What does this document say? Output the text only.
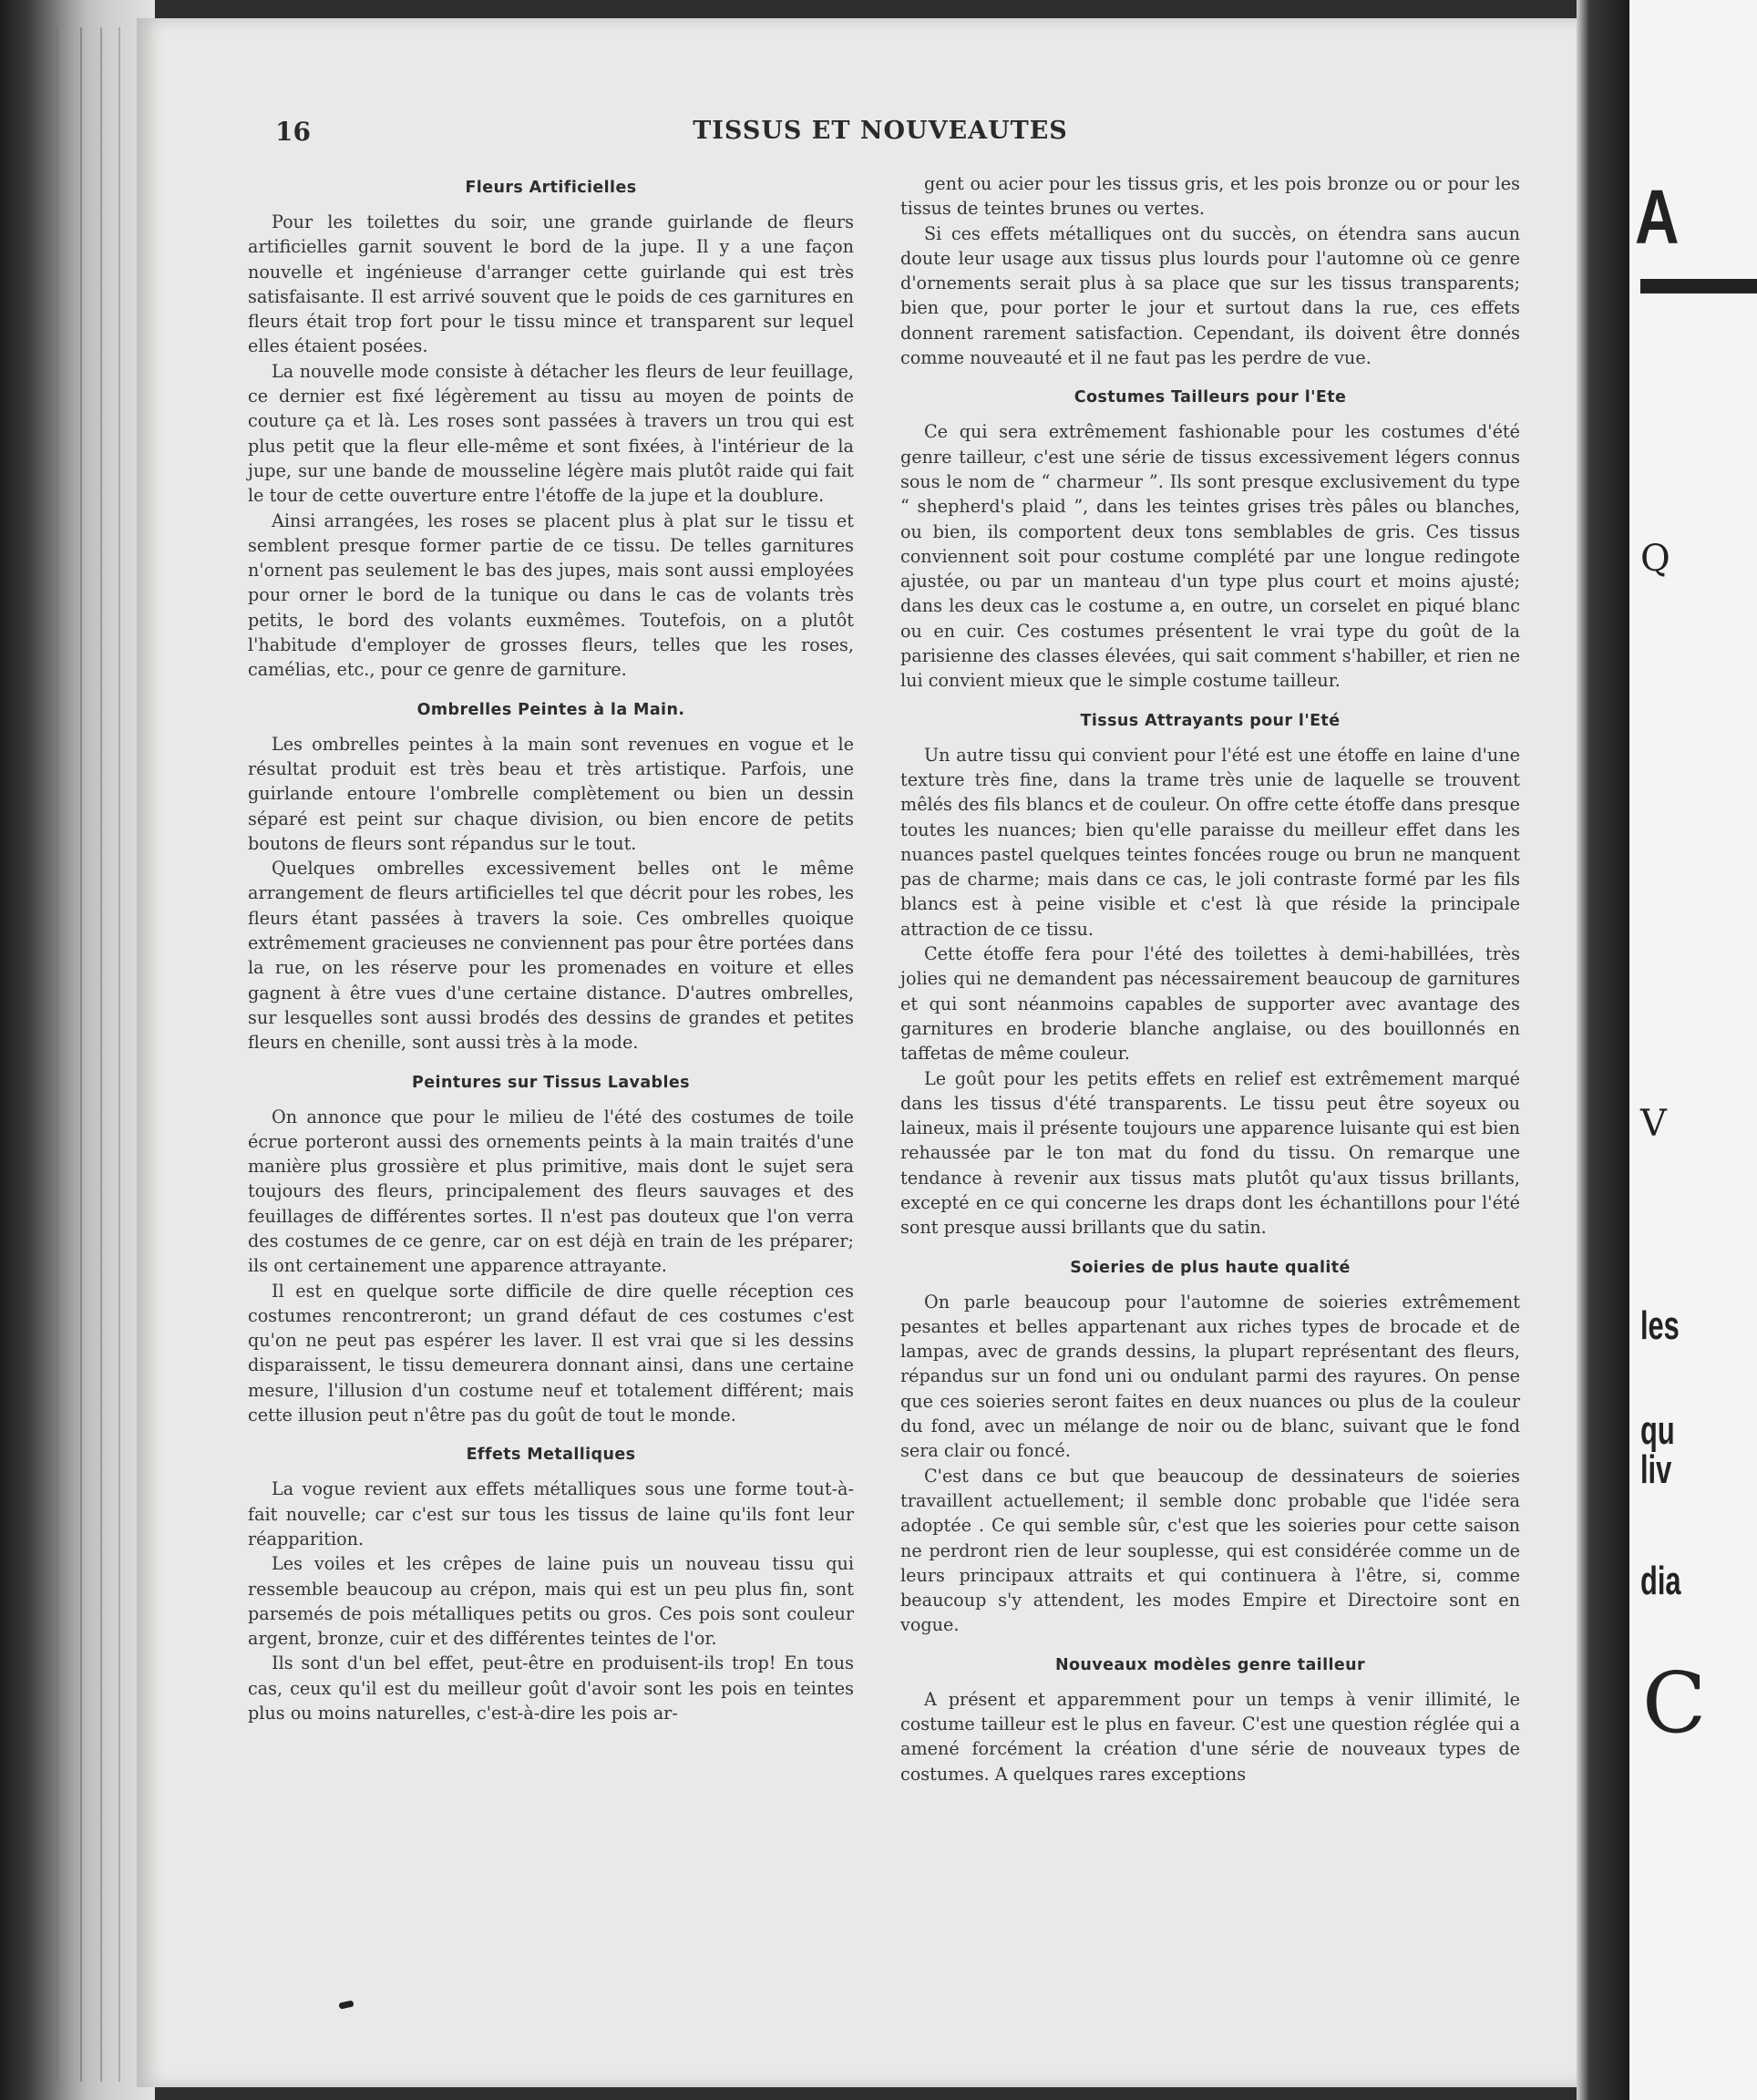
16	TISSUS ET NOUVEAUTES
Fleurs Artificielles

Pour les toilettes du soir, une grande guirlande de fleurs artificielles garnit souvent le bord de la jupe. Il y a une façon nouvelle et ingénieuse d'arranger cette guirlande qui est très satisfaisante. Il est arrivé souvent que le poids de ces garnitures en fleurs était trop fort pour le tissu mince et transparent sur lequel elles étaient posées.

La nouvelle mode consiste à détacher les fleurs de leur feuillage, ce dernier est fixé légèrement au tissu au moyen de points de couture ça et là. Les roses sont passées à travers un trou qui est plus petit que la fleur elle-même et sont fixées, à l'intérieur de la jupe, sur une bande de mousseline légère mais plutôt raide qui fait le tour de cette ouverture entre l'étoffe de la jupe et la doublure.

Ainsi arrangées, les roses se placent plus à plat sur le tissu et semblent presque former partie de ce tissu. De telles garnitures n'ornent pas seulement le bas des jupes, mais sont aussi employées pour orner le bord de la tunique ou dans le cas de volants très petits, le bord des volants euxmêmes. Toutefois, on a plutôt l'habitude d'employer de grosses fleurs, telles que les roses, camélias, etc., pour ce genre de garniture.

Ombrelles Peintes à la Main.

Les ombrelles peintes à la main sont revenues en vogue et le résultat produit est très beau et très artistique. Parfois, une guirlande entoure l'ombrelle complètement ou bien un dessin séparé est peint sur chaque division, ou bien encore de petits boutons de fleurs sont répandus sur le tout.

Quelques ombrelles excessivement belles ont le même arrangement de fleurs artificielles tel que décrit pour les robes, les fleurs étant passées à travers la soie. Ces ombrelles quoique extrêmement gracieuses ne conviennent pas pour être portées dans la rue, on les réserve pour les promenades en voiture et elles gagnent à être vues d'une certaine distance. D'autres ombrelles, sur lesquelles sont aussi brodés des dessins de grandes et petites fleurs en chenille, sont aussi très à la mode.

Peintures sur Tissus Lavables

On annonce que pour le milieu de l'été des costumes de toile écrue porteront aussi des ornements peints à la main traités d'une manière plus grossière et plus primitive, mais dont le sujet sera toujours des fleurs, principalement des fleurs sauvages et des feuillages de différentes sortes. Il n'est pas douteux que l'on verra des costumes de ce genre, car on est déjà en train de les préparer; ils ont certainement une apparence attrayante.

Il est en quelque sorte difficile de dire quelle réception ces costumes rencontreront; un grand défaut de ces costumes c'est qu'on ne peut pas espérer les laver. Il est vrai que si les dessins disparaissent, le tissu demeurera donnant ainsi, dans une certaine mesure, l'illusion d'un costume neuf et totalement différent; mais cette illusion peut n'être pas du goût de tout le monde.

Effets Metalliques

La vogue revient aux effets métalliques sous une forme tout-à-fait nouvelle; car c'est sur tous les tissus de laine qu'ils font leur réapparition.

Les voiles et les crêpes de laine puis un nouveau tissu qui ressemble beaucoup au crépon, mais qui est un peu plus fin, sont parsemés de pois métalliques petits ou gros. Ces pois sont couleur argent, bronze, cuir et des différentes teintes de l'or.

Ils sont d'un bel effet, peut-être en produisent-ils trop! En tous cas, ceux qu'il est du meilleur goût d'avoir sont les pois en teintes plus ou moins naturelles, c'est-à-dire les pois ar-

gent ou acier pour les tissus gris, et les pois bronze ou or pour les tissus de teintes brunes ou vertes.

Si ces effets métalliques ont du succès, on étendra sans aucun doute leur usage aux tissus plus lourds pour l'automne où ce genre d'ornements serait plus à sa place que sur les tissus transparents; bien que, pour porter le jour et surtout dans la rue, ces effets donnent rarement satisfaction. Cependant, ils doivent être donnés comme nouveauté et il ne faut pas les perdre de vue.

Costumes Tailleurs pour l'Ete

Ce qui sera extrêmement fashionable pour les costumes d'été genre tailleur, c'est une série de tissus excessivement légers connus sous le nom de “ charmeur ”. Ils sont presque exclusivement du type “ shepherd's plaid ”, dans les teintes grises très pâles ou blanches, ou bien, ils comportent deux tons semblables de gris. Ces tissus conviennent soit pour costume complété par une longue redingote ajustée, ou par un manteau d'un type plus court et moins ajusté; dans les deux cas le costume a, en outre, un corselet en piqué blanc ou en cuir. Ces costumes présentent le vrai type du goût de la parisienne des classes élevées, qui sait comment s'habiller, et rien ne lui convient mieux que le simple costume tailleur.

Tissus Attrayants pour l'Eté

Un autre tissu qui convient pour l'été est une étoffe en laine d'une texture très fine, dans la trame très unie de laquelle se trouvent mêlés des fils blancs et de couleur. On offre cette étoffe dans presque toutes les nuances; bien qu'elle paraisse du meilleur effet dans les nuances pastel quelques teintes foncées rouge ou brun ne manquent pas de charme; mais dans ce cas, le joli contraste formé par les fils blancs est à peine visible et c'est là que réside la principale attraction de ce tissu.

Cette étoffe fera pour l'été des toilettes à demi-habillées, très jolies qui ne demandent pas nécessairement beaucoup de garnitures et qui sont néanmoins capables de supporter avec avantage des garnitures en broderie blanche anglaise, ou des bouillonnés en taffetas de même couleur.

Le goût pour les petits effets en relief est extrêmement marqué dans les tissus d'été transparents. Le tissu peut être soyeux ou laineux, mais il présente toujours une apparence luisante qui est bien rehaussée par le ton mat du fond du tissu. On remarque une tendance à revenir aux tissus mats plutôt qu'aux tissus brillants, excepté en ce qui concerne les draps dont les échantillons pour l'été sont presque aussi brillants que du satin.

Soieries de plus haute qualité

On parle beaucoup pour l'automne de soieries extrêmement pesantes et belles appartenant aux riches types de brocade et de lampas, avec de grands dessins, la plupart représentant des fleurs, répandus sur un fond uni ou ondulant parmi des rayures. On pense que ces soieries seront faites en deux nuances ou plus de la couleur du fond, avec un mélange de noir ou de blanc, suivant que le fond sera clair ou foncé.

C'est dans ce but que beaucoup de dessinateurs de soieries travaillent actuellement; il semble donc probable que l'idée sera adoptée . Ce qui semble sûr, c'est que les soieries pour cette saison ne perdront rien de leur souplesse, qui est considérée comme un de leurs principaux attraits et qui continuera à l'être, si, comme beaucoup s'y attendent, les modes Empire et Directoire sont en vogue.

Nouveaux modèles genre tailleur

A présent et apparemment pour un temps à venir illimité, le costume tailleur est le plus en faveur. C'est une question réglée qui a amené forcément la création d'une série de nouveaux types de costumes. A quelques rares exceptions

A
Q
V
les
qu
liv
dia
C
